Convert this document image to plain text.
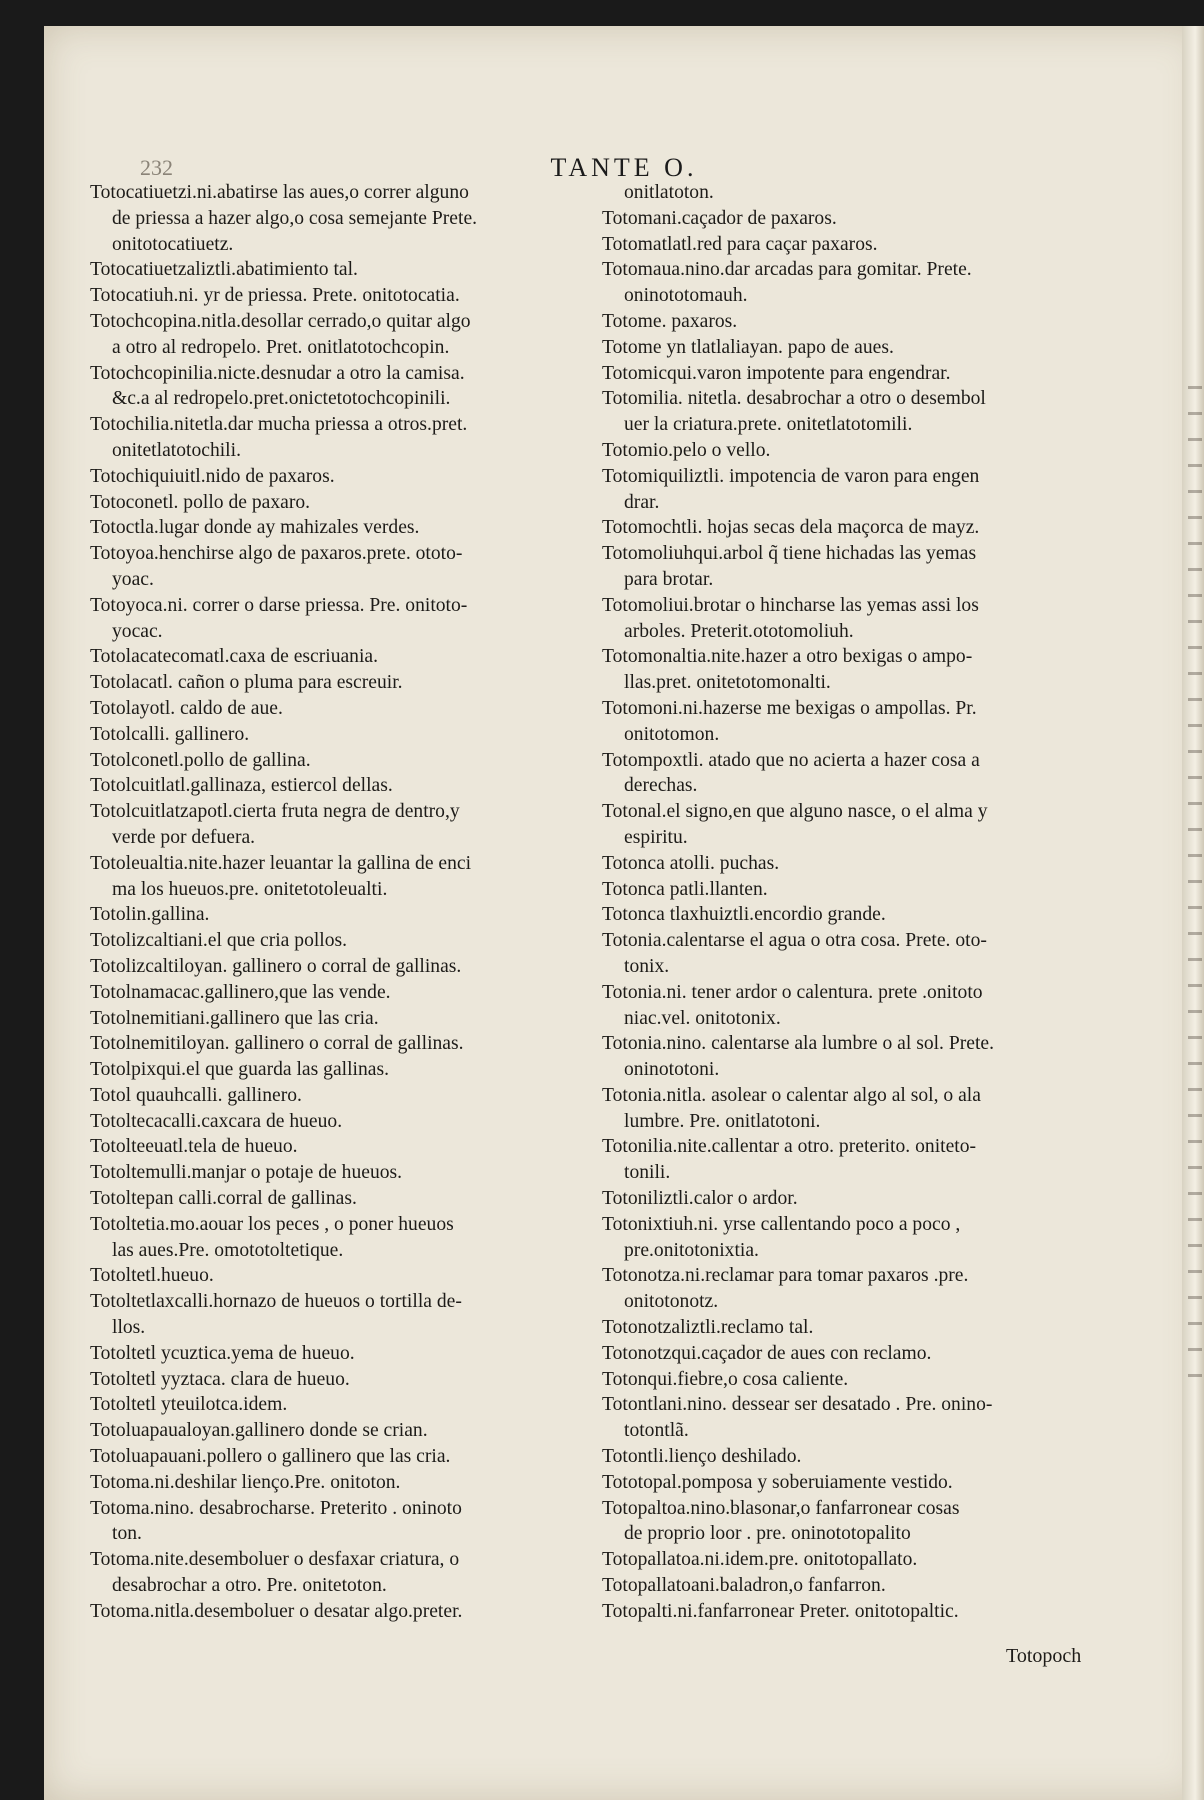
232	TANTE O.
Totocatiuetzi.ni.abatirse las aues,o correr alguno
de priessa a hazer algo,o cosa semejante Prete.
onitotocatiuetz.
Totocatiuetzaliztli.abatimiento tal.
Totocatiuh.ni. yr de priessa. Prete. onitotocatia.
Totochcopina.nitla.desollar cerrado,o quitar algo
a otro al redropelo. Pret. onitlatotochcopin.
Totochcopinilia.nicte.desnudar a otro la camisa.
&c.a al redropelo.pret.onictetotochcopinili.
Totochilia.nitetla.dar mucha priessa a otros.pret.
onitetlatotochili.
Totochiquiuitl.nido de paxaros.
Totoconetl. pollo de paxaro.
Totoctla.lugar donde ay mahizales verdes.
Totoyoa.henchirse algo de paxaros.prete. ototo-
yoac.
Totoyoca.ni. correr o darse priessa. Pre. onitoto-
yocac.
Totolacatecomatl.caxa de escriuania.
Totolacatl. cañon o pluma para escreuir.
Totolayotl. caldo de aue.
Totolcalli. gallinero.
Totolconetl.pollo de gallina.
Totolcuitlatl.gallinaza, estiercol dellas.
Totolcuitlatzapotl.cierta fruta negra de dentro,y
verde por defuera.
Totoleualtia.nite.hazer leuantar la gallina de enci
ma los hueuos.pre. onitetotoleualti.
Totolin.gallina.
Totolizcaltiani.el que cria pollos.
Totolizcaltiloyan. gallinero o corral de gallinas.
Totolnamacac.gallinero,que las vende.
Totolnemitiani.gallinero que las cria.
Totolnemitiloyan. gallinero o corral de gallinas.
Totolpixqui.el que guarda las gallinas.
Totol quauhcalli. gallinero.
Totoltecacalli.caxcara de hueuo.
Totolteeuatl.tela de hueuo.
Totoltemulli.manjar o potaje de hueuos.
Totoltepan calli.corral de gallinas.
Totoltetia.mo.aouar los peces , o poner hueuos
las aues.Pre. omototoltetique.
Totoltetl.hueuo.
Totoltetlaxcalli.hornazo de hueuos o tortilla de-
llos.
Totoltetl ycuztica.yema de hueuo.
Totoltetl yyztaca. clara de hueuo.
Totoltetl yteuilotca.idem.
Totoluapaualoyan.gallinero donde se crian.
Totoluapauani.pollero o gallinero que las cria.
Totoma.ni.deshilar lienço.Pre. onitoton.
Totoma.nino. desabrocharse. Preterito . oninoto
ton.
Totoma.nite.desemboluer o desfaxar criatura, o
desabrochar a otro. Pre. onitetoton.
Totoma.nitla.desemboluer o desatar algo.preter.
onitlatoton.
Totomani.caçador de paxaros.
Totomatlatl.red para caçar paxaros.
Totomaua.nino.dar arcadas para gomitar. Prete.
oninototomauh.
Totome. paxaros.
Totome yn tlatlaliayan. papo de aues.
Totomicqui.varon impotente para engendrar.
Totomilia. nitetla. desabrochar a otro o desembol
uer la criatura.prete. onitetlatotomili.
Totomio.pelo o vello.
Totomiquiliztli. impotencia de varon para engen
drar.
Totomochtli. hojas secas dela maçorca de mayz.
Totomoliuhqui.arbol q̃ tiene hichadas las yemas
para brotar.
Totomoliui.brotar o hincharse las yemas assi los
arboles. Preterit.ototomoliuh.
Totomonaltia.nite.hazer a otro bexigas o ampo-
llas.pret. onitetotomonalti.
Totomoni.ni.hazerse me bexigas o ampollas. Pr.
onitotomon.
Totompoxtli. atado que no acierta a hazer cosa a
derechas.
Totonal.el signo,en que alguno nasce, o el alma y
espiritu.
Totonca atolli. puchas.
Totonca patli.llanten.
Totonca tlaxhuiztli.encordio grande.
Totonia.calentarse el agua o otra cosa. Prete. oto-
tonix.
Totonia.ni. tener ardor o calentura. prete .onitoto
niac.vel. onitotonix.
Totonia.nino. calentarse ala lumbre o al sol. Prete.
oninototoni.
Totonia.nitla. asolear o calentar algo al sol, o ala
lumbre. Pre. onitlatotoni.
Totonilia.nite.callentar a otro. preterito. oniteto-
tonili.
Totoniliztli.calor o ardor.
Totonixtiuh.ni. yrse callentando poco a poco ,
pre.onitotonixtia.
Totonotza.ni.reclamar para tomar paxaros .pre.
onitotonotz.
Totonotzaliztli.reclamo tal.
Totonotzqui.caçador de aues con reclamo.
Totonqui.fiebre,o cosa caliente.
Totontlani.nino. dessear ser desatado . Pre. onino-
totontlã.
Totontli.lienço deshilado.
Tototopal.pomposa y soberuiamente vestido.
Totopaltoa.nino.blasonar,o fanfarronear cosas
de proprio loor . pre. oninototopalito
Totopallatoa.ni.idem.pre. onitotopallato.
Totopallatoani.baladron,o fanfarron.
Totopalti.ni.fanfarronear Preter. onitotopaltic.
Totopoch
